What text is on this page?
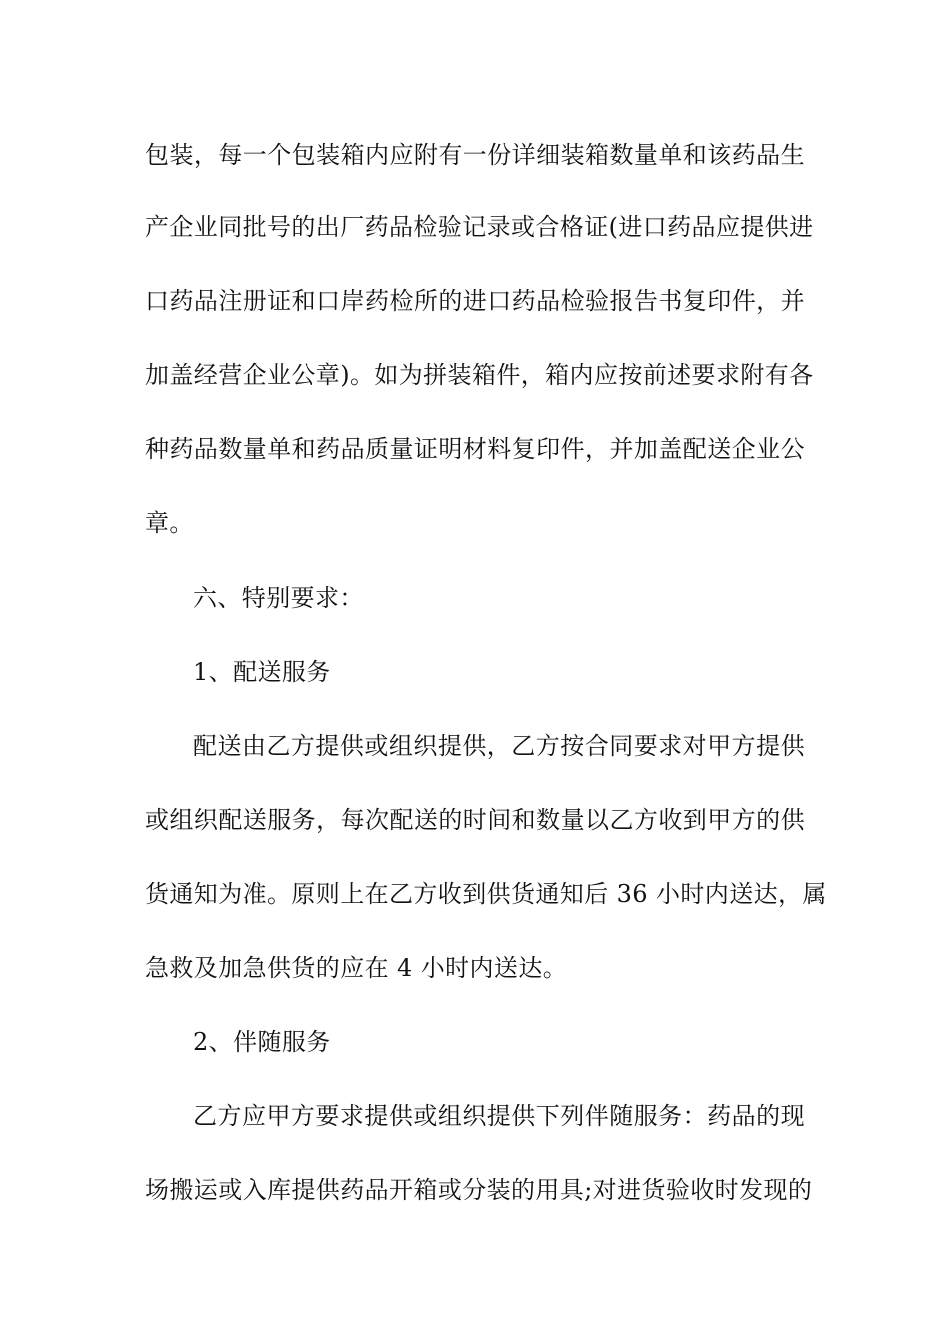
包装，每一个包装箱内应附有一份详细装箱数量单和该药品生
产企业同批号的出厂药品检验记录或合格证(进口药品应提供进
口药品注册证和口岸药检所的进口药品检验报告书复印件，并
加盖经营企业公章)。如为拼装箱件，箱内应按前述要求附有各
种药品数量单和药品质量证明材料复印件，并加盖配送企业公
章。
六、特别要求：
1、配送服务
配送由乙方提供或组织提供，乙方按合同要求对甲方提供
或组织配送服务，每次配送的时间和数量以乙方收到甲方的供
货通知为准。原则上在乙方收到供货通知后 36 小时内送达，属
急救及加急供货的应在 4 小时内送达。
2、伴随服务
乙方应甲方要求提供或组织提供下列伴随服务：药品的现
场搬运或入库提供药品开箱或分装的用具;对进货验收时发现的
